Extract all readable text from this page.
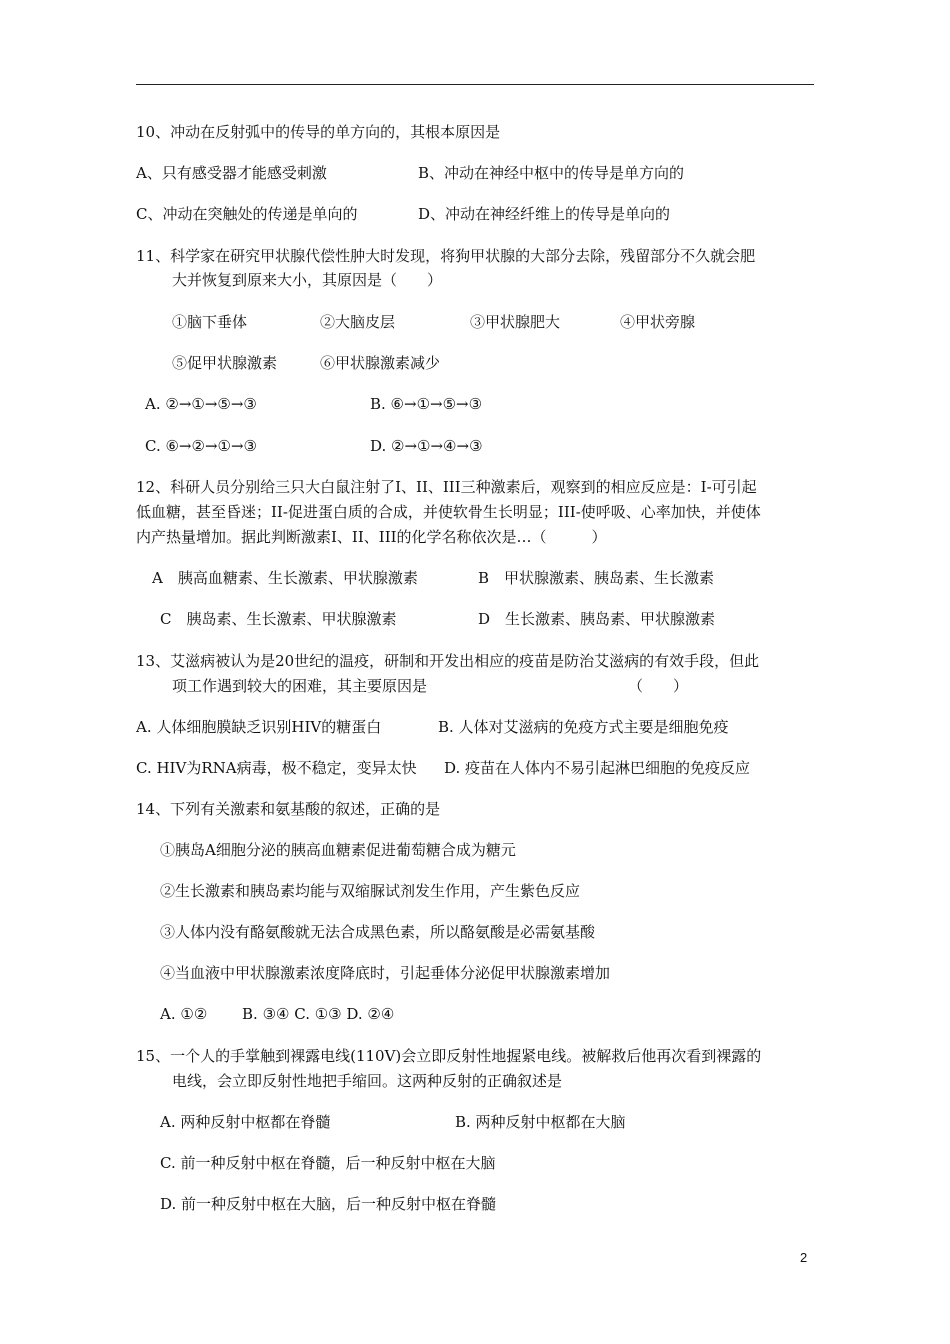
10、冲动在反射弧中的传导的单方向的，其根本原因是
A、只有感受器才能感受刺激	B、冲动在神经中枢中的传导是单方向的
C、冲动在突触处的传递是单向的	D、冲动在神经纤维上的传导是单向的
11、科学家在研究甲状腺代偿性肿大时发现，将狗甲状腺的大部分去除，残留部分不久就会肥
大并恢复到原来大小，其原因是（　　）
①脑下垂体	②大脑皮层	③甲状腺肥大	④甲状旁腺
⑤促甲状腺激素	⑥甲状腺激素减少
A. ②→①→⑤→③	B. ⑥→①→⑤→③
C. ⑥→②→①→③	D. ②→①→④→③
12、科研人员分别给三只大白鼠注射了I、II、III三种激素后，观察到的相应反应是：I-可引起
低血糖，甚至昏迷；II-促进蛋白质的合成，并使软骨生长明显；III-使呼吸、心率加快，并使体
内产热量增加。据此判断激素I、II、III的化学名称依次是…（　　　）
A　胰高血糖素、生长激素、甲状腺激素	B　甲状腺激素、胰岛素、生长激素
C　胰岛素、生长激素、甲状腺激素	D　生长激素、胰岛素、甲状腺激素
13、艾滋病被认为是20世纪的温疫，研制和开发出相应的疫苗是防治艾滋病的有效手段，但此
项工作遇到较大的困难，其主要原因是	（　　）
A. 人体细胞膜缺乏识别HIV的糖蛋白	B. 人体对艾滋病的免疫方式主要是细胞免疫
C. HIV为RNA病毒，极不稳定，变异太快 D. 疫苗在人体内不易引起淋巴细胞的免疫反应
14、下列有关激素和氨基酸的叙述，正确的是
①胰岛A细胞分泌的胰高血糖素促进葡萄糖合成为糖元
②生长激素和胰岛素均能与双缩脲试剂发生作用，产生紫色反应
③人体内没有酪氨酸就无法合成黑色素，所以酪氨酸是必需氨基酸
④当血液中甲状腺激素浓度降底时，引起垂体分泌促甲状腺激素增加
A. ①②　　 B. ③④ C. ①③ D. ②④
15、一个人的手掌触到裸露电线(110V)会立即反射性地握紧电线。被解救后他再次看到裸露的
电线，会立即反射性地把手缩回。这两种反射的正确叙述是
A. 两种反射中枢都在脊髓	B. 两种反射中枢都在大脑
C. 前一种反射中枢在脊髓，后一种反射中枢在大脑
D. 前一种反射中枢在大脑，后一种反射中枢在脊髓
2
